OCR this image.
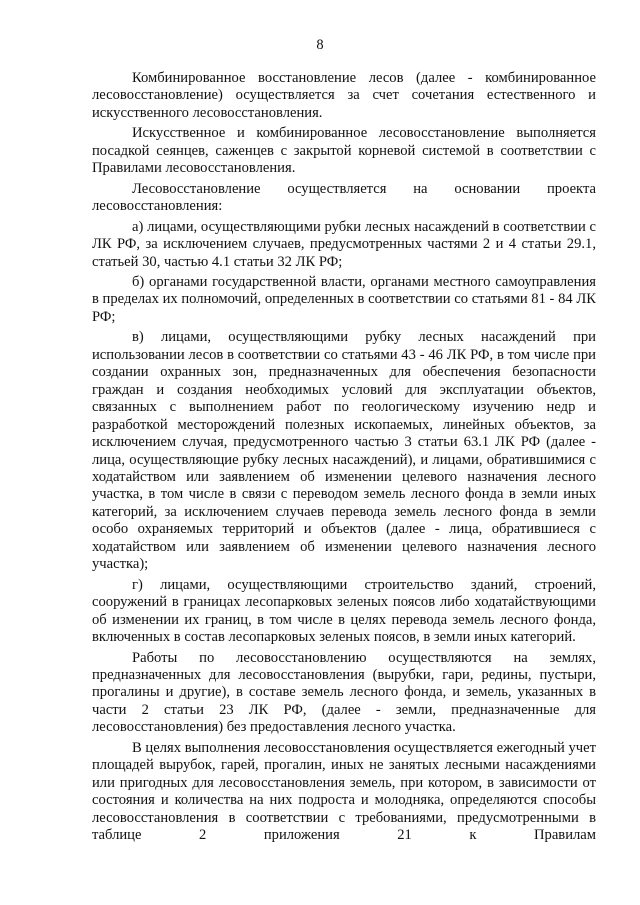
8

Комбинированное восстановление лесов (далее - комбинированное лесовосстановление) осуществляется за счет сочетания естественного и искусственного лесовосстановления.

Искусственное и комбинированное лесовосстановление выполняется посадкой сеянцев, саженцев с закрытой корневой системой в соответствии с Правилами лесовосстановления.

Лесовосстановление осуществляется на основании проекта лесовосстановления:

а) лицами, осуществляющими рубки лесных насаждений в соответствии с ЛК РФ, за исключением случаев, предусмотренных частями 2 и 4 статьи 29.1, статьей 30, частью 4.1 статьи 32 ЛК РФ;

б) органами государственной власти, органами местного самоуправления в пределах их полномочий, определенных в соответствии со статьями 81 - 84 ЛК РФ;

в) лицами, осуществляющими рубку лесных насаждений при использовании лесов в соответствии со статьями 43 - 46 ЛК РФ, в том числе при создании охранных зон, предназначенных для обеспечения безопасности граждан и создания необходимых условий для эксплуатации объектов, связанных с выполнением работ по геологическому изучению недр и разработкой месторождений полезных ископаемых, линейных объектов, за исключением случая, предусмотренного частью 3 статьи 63.1 ЛК РФ (далее - лица, осуществляющие рубку лесных насаждений), и лицами, обратившимися с ходатайством или заявлением об изменении целевого назначения лесного участка, в том числе в связи с переводом земель лесного фонда в земли иных категорий, за исключением случаев перевода земель лесного фонда в земли особо охраняемых территорий и объектов (далее - лица, обратившиеся с ходатайством или заявлением об изменении целевого назначения лесного участка);

г) лицами, осуществляющими строительство зданий, строений, сооружений в границах лесопарковых зеленых поясов либо ходатайствующими об изменении их границ, в том числе в целях перевода земель лесного фонда, включенных в состав лесопарковых зеленых поясов, в земли иных категорий.

Работы по лесовосстановлению осуществляются на землях, предназначенных для лесовосстановления (вырубки, гари, редины, пустыри, прогалины и другие), в составе земель лесного фонда, и земель, указанных в части 2 статьи 23 ЛК РФ, (далее - земли, предназначенные для лесовосстановления) без предоставления лесного участка.

В целях выполнения лесовосстановления осуществляется ежегодный учет площадей вырубок, гарей, прогалин, иных не занятых лесными насаждениями или пригодных для лесовосстановления земель, при котором, в зависимости от состояния и количества на них подроста и молодняка, определяются способы лесовосстановления в соответствии с требованиями, предусмотренными в таблице 2 приложения 21 к Правилам
